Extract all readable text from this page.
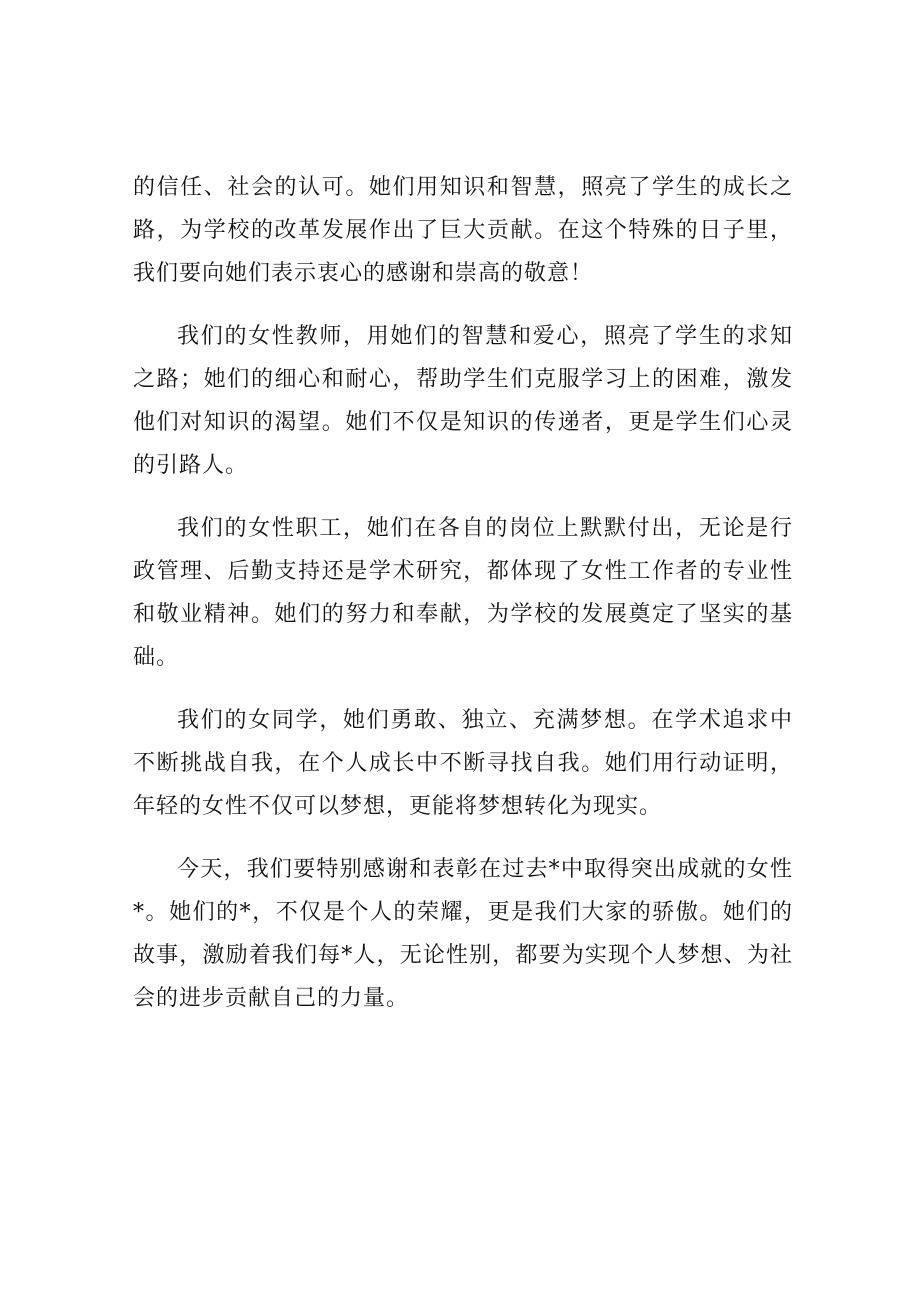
的信任、社会的认可。她们用知识和智慧，照亮了学生的成长之路，为学校的改革发展作出了巨大贡献。在这个特殊的日子里，我们要向她们表示衷心的感谢和崇高的敬意！

我们的女性教师，用她们的智慧和爱心，照亮了学生的求知之路；她们的细心和耐心，帮助学生们克服学习上的困难，激发他们对知识的渴望。她们不仅是知识的传递者，更是学生们心灵的引路人。

我们的女性职工，她们在各自的岗位上默默付出，无论是行政管理、后勤支持还是学术研究，都体现了女性工作者的专业性和敬业精神。她们的努力和奉献，为学校的发展奠定了坚实的基础。

我们的女同学，她们勇敢、独立、充满梦想。在学术追求中不断挑战自我，在个人成长中不断寻找自我。她们用行动证明，年轻的女性不仅可以梦想，更能将梦想转化为现实。

今天，我们要特别感谢和表彰在过去*中取得突出成就的女性*。她们的*，不仅是个人的荣耀，更是我们大家的骄傲。她们的故事，激励着我们每*人，无论性别，都要为实现个人梦想、为社会的进步贡献自己的力量。
